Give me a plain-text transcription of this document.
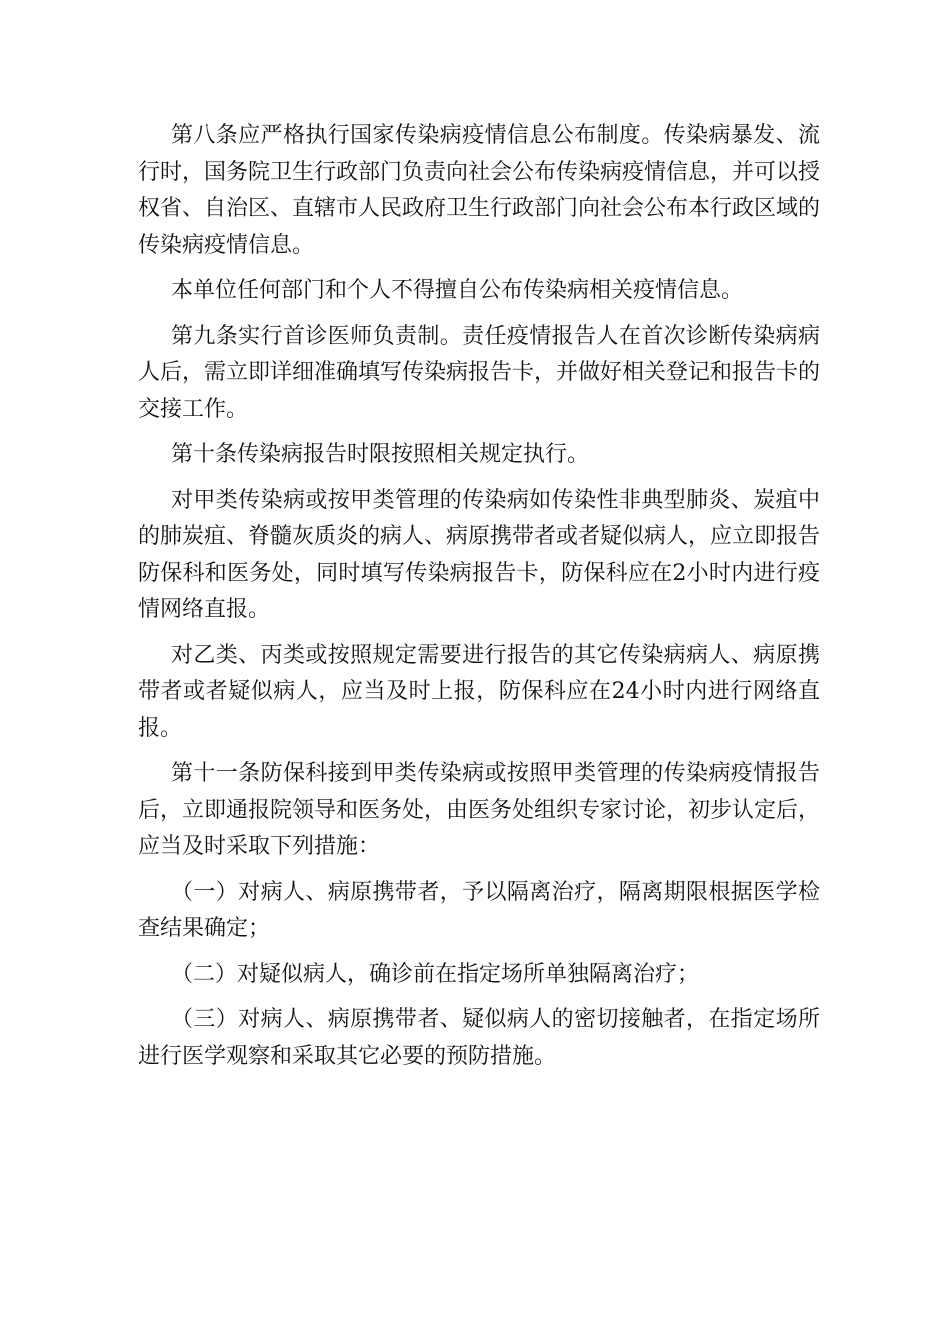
第八条应严格执行国家传染病疫情信息公布制度。传染病暴发、流行时，国务院卫生行政部门负责向社会公布传染病疫情信息，并可以授权省、自治区、直辖市人民政府卫生行政部门向社会公布本行政区域的传染病疫情信息。

本单位任何部门和个人不得擅自公布传染病相关疫情信息。

第九条实行首诊医师负责制。责任疫情报告人在首次诊断传染病病人后，需立即详细准确填写传染病报告卡，并做好相关登记和报告卡的交接工作。

第十条传染病报告时限按照相关规定执行。

对甲类传染病或按甲类管理的传染病如传染性非典型肺炎、炭疽中的肺炭疽、脊髓灰质炎的病人、病原携带者或者疑似病人，应立即报告防保科和医务处，同时填写传染病报告卡，防保科应在2小时内进行疫情网络直报。

对乙类、丙类或按照规定需要进行报告的其它传染病病人、病原携带者或者疑似病人，应当及时上报，防保科应在24小时内进行网络直报。

第十一条防保科接到甲类传染病或按照甲类管理的传染病疫情报告后，立即通报院领导和医务处，由医务处组织专家讨论，初步认定后，应当及时采取下列措施：

（一）对病人、病原携带者，予以隔离治疗，隔离期限根据医学检查结果确定；

（二）对疑似病人，确诊前在指定场所单独隔离治疗；

（三）对病人、病原携带者、疑似病人的密切接触者，在指定场所进行医学观察和采取其它必要的预防措施。
